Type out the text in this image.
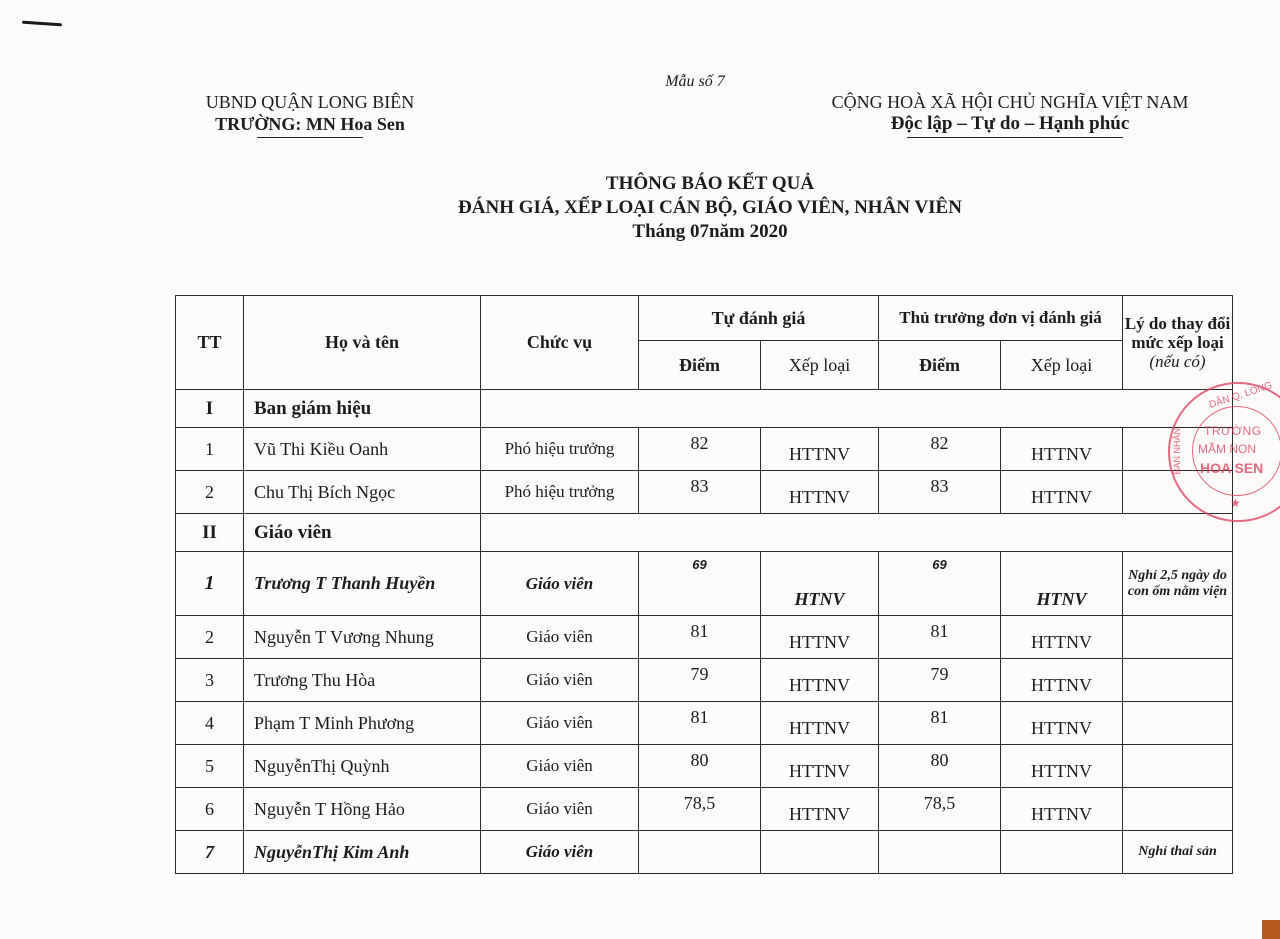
Mẫu số 7
UBND QUẬN LONG BIÊN
TRƯỜNG: MN Hoa Sen
CỘNG HOÀ XÃ HỘI CHỦ NGHĨA VIỆT NAM
Độc lập – Tự do – Hạnh phúc
THÔNG BÁO KẾT QUẢ
ĐÁNH GIÁ, XẾP LOẠI CÁN BỘ, GIÁO VIÊN, NHÂN VIÊN
Tháng 07năm 2020
TT	Họ và tên	Chức vụ	Tự đánh giá		Thủ trưởng đơn vị đánh giá		Lý do thay đổi mức xếp loại
(nếu có)

			Điểm	Xếp loại	Điểm	Xếp loại	
I	Ban giám hiệu						
1	Vũ Thi Kiều Oanh	Phó hiệu trưởng	82	HTTNV	82	HTTNV	
2	Chu Thị Bích Ngọc	Phó hiệu trưởng	83	HTTNV	83	HTTNV	
II	Giáo viên						
1	Trương T Thanh Huyền	Giáo viên	69	HTNV	69	HTNV	Nghỉ 2,5 ngày do con ốm nằm viện
2	Nguyễn T Vương Nhung	Giáo viên	81	HTTNV	81	HTTNV	
3	Trương Thu Hòa	Giáo viên	79	HTTNV	79	HTTNV	
4	Phạm T Minh Phương	Giáo viên	81	HTTNV	81	HTTNV	
5	NguyễnThị Quỳnh	Giáo viên	80	HTTNV	80	HTTNV	
6	Nguyễn T Hồng Hảo	Giáo viên	78,5	HTTNV	78,5	HTTNV	
7	NguyễnThị Kim Anh	Giáo viên					Nghỉ thai sản
DÂN Q. LONG
BAN NHÂN TRƯỜNG
MẦM NON
HOA SEN
★
